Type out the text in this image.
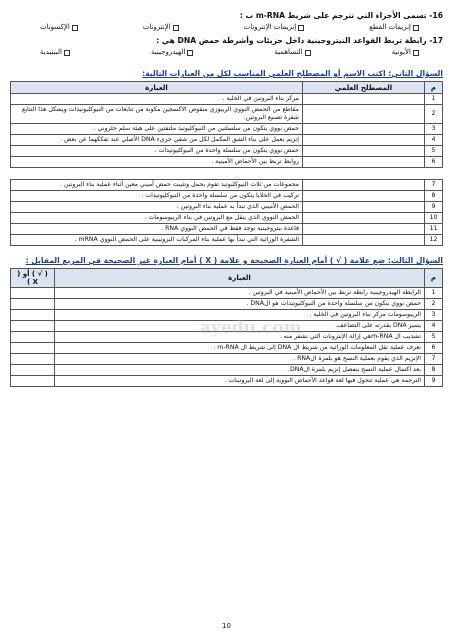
16- تسمى الأجزاء التي تترجم على شريط m-RNA ب :
إنزيمات القطع
إنزيمات الإنترونات
الإنترونات
الإكسونات
17- رابطة تربط القواعد النيتروجينية داخل جزيئات وأشرطة حمض DNA هي :
الأيونية
التساهمية
الهيدروجينية
الببتيدية
السؤال الثاني: اكتب الاسم أو المصطلح العلمي المناسب لكل من العبارات التالية:
م	المصطلح العلمي	العبارة
1		مركز بناء البروتين في الخلية .
2		مقاطع من الحمض النووي الريبوزي منقوص الاكسجين مكونة من تتابعات من النيوكليوتيدات ويشكل هذا التتابع شفرة تصنيع البروتين.
3		حمض نووي يتكون من سلسلتين من النيوكليوتيد ملتفتين على هيئة سلم حلزوني .
4		إنزيم يعمل على بناء الشق المكمل لكل من شقي جزيء DNA الأصلي عند تفككهما عن بعض .
5		حمض نووي يتكون من سلسلة واحدة من النيوكليوتيدات .
6		روابط تربط بين الأحماض الأمينية .

7		مجموعات من ثلاث النيوكليوتيد تقوم بحمل وتثبيت حمض أميني معين أثناء عملية بناء البروتين .
8		تركيب في الخلايا يتكون من سلسلة واحدة من النيوكليوتيدات .
9		الحمض الأميني الذي تبدأ به عملية بناء البروتين .
10		الحمض النووي الذي ينقل مع البروتين في بناء الريبوسومات .
11		قاعدة نيتروجينية توجد فقط في الحمض النووي RNA .
12		الشفرة الوراثية التي تبدأ بها عملية بناء المركبات البروتينية على الحمض النووي mRNA .
السؤال الثالث: ضع علامة ( √ ) أمام العبارة الصحيحة و علامة ( X ) أمام العبارة غير الصحيحة في المربع المقابل :
م	العبارة	( √ ) أو ( X )
1	الرابطة الهيدروجينية رابطة تربط بين الأحماض الأمينية في البروتين .	
2	حمض نووي يتكون من سلسلة واحدة من النيوكليوتيدات هو الDNA .	
3	الريبوسومات مركز بناء البروتين في الخلية .	
4	يتميز DNA بقدرته على التضاعف.	
5	تشذيب ال m-RNAهي إزالة الإنترونات التي تشفر منه .	
6	تعرف عملية نقل المعلومات الوراثية من شريط ال DNA إلى شريط ال m-RNA .	
7	الإنزيم الذي يقوم بعملية النسخ هو بلمرة الRNA .	
8	بعد اكتمال عملية النسخ ينفصل إنزيم بلمرة الDNA.	
9	الترجمة هي عملية تتحول فيها لغة قواعد الأحماض النووية إلى لغة البروتينات .	
ayedu.com
10
